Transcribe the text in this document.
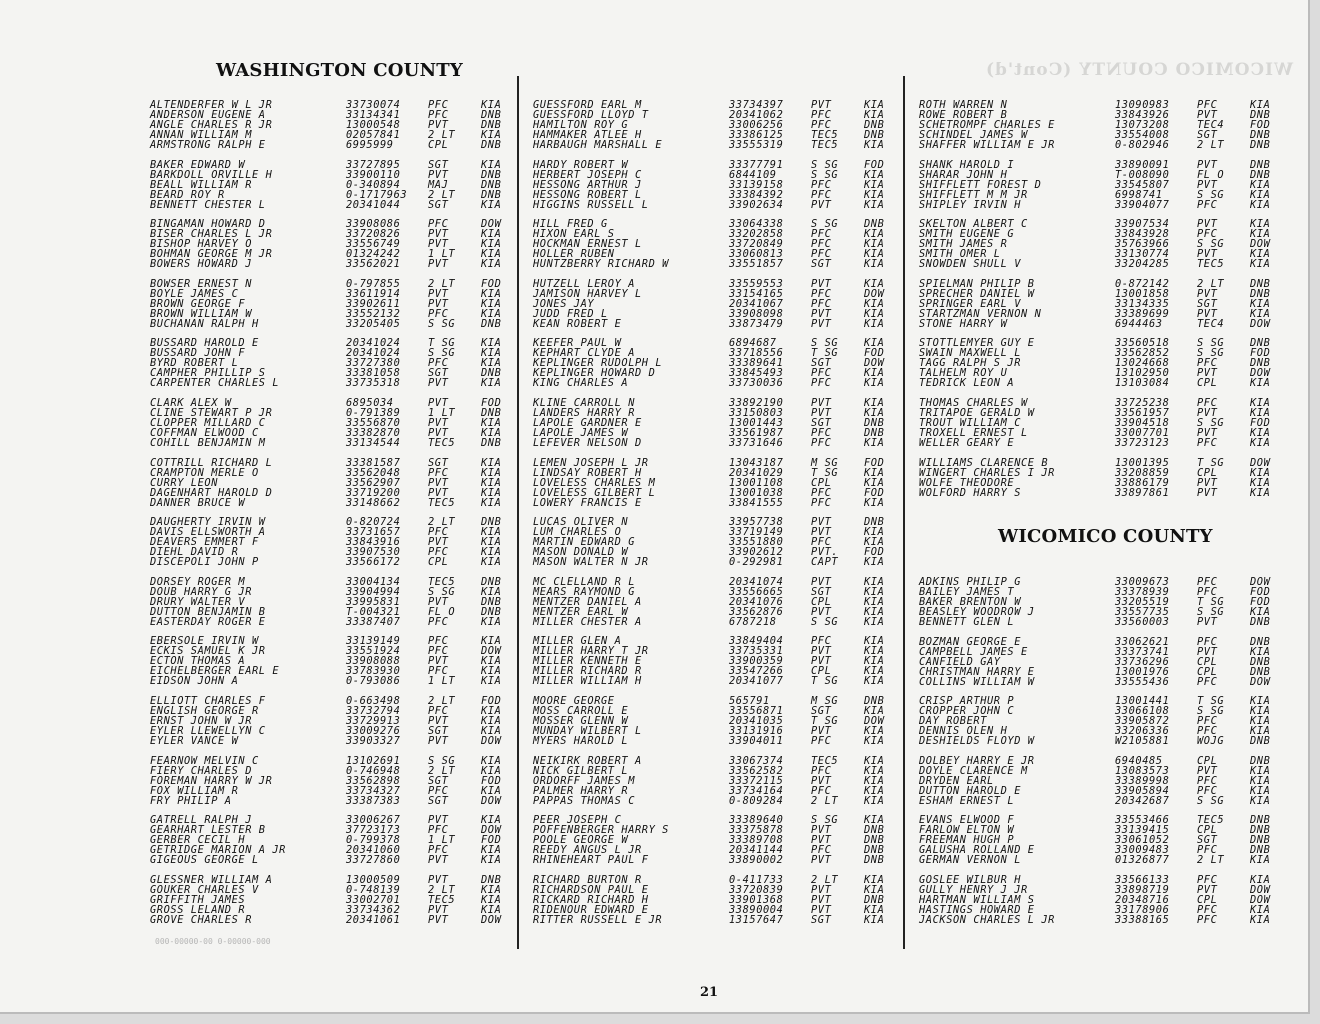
WICOMICO COUNTY (Cont'd)
WASHINGTON COUNTY
ALTENDERFER W L JR	33730074	PFC	KIA
ANDERSON EUGENE A	33134341	PFC	DNB
ANGLE CHARLES R JR	13000548	PVT	DNB
ANNAN WILLIAM M	02057841	2 LT	KIA
ARMSTRONG RALPH E	6995999	CPL	DNB
BAKER EDWARD W	33727895	SGT	KIA
BARKDOLL ORVILLE H	33900110	PVT	DNB
BEALL WILLIAM R	0-340894	MAJ	DNB
BEARD ROY R	0-1717963 2 LT	DNB
BENNETT CHESTER L	20341044	SGT	KIA
BINGAMAN HOWARD D	33908086	PFC	DOW
BISER CHARLES L JR	33720826	PVT	KIA
BISHOP HARVEY O	33556749	PVT	KIA
BOHMAN GEORGE M JR	01324242	1 LT	KIA
BOWERS HOWARD J	33562021	PVT	KIA
BOWSER ERNEST N	0-797855	2 LT	FOD
BOYLE JAMES C	33611914	PVT	KIA
BROWN GEORGE F	33902611	PVT	KIA
BROWN WILLIAM W	33552132	PFC	KIA
BUCHANAN RALPH H	33205405	S SG	DNB
BUSSARD HAROLD E	20341024	T SG	KIA
BUSSARD JOHN F	20341024	S SG	KIA
BYRD ROBERT L	33727380	PFC	KIA
CAMPHER PHILLIP S	33381058	SGT	DNB
CARPENTER CHARLES L	33735318	PVT	KIA
CLARK ALEX W	6895034	PVT	FOD
CLINE STEWART P JR	0-791389	1 LT	DNB
CLOPPER MILLARD C	33556870	PVT	KIA
COFFMAN ELWOOD C	33382870	PVT	KIA
COHILL BENJAMIN M	33134544	TEC5	DNB
COTTRILL RICHARD L	33381587	SGT	KIA
CRAMPTON MERLE O	33562048	PFC	KIA
CURRY LEON	33562907	PVT	KIA
DAGENHART HAROLD D	33719200	PVT	KIA
DANNER BRUCE W	33148662	TEC5	KIA
DAUGHERTY IRVIN W	0-820724	2 LT	DNB
DAVIS ELLSWORTH A	33731657	PFC	KIA
DEAVERS EMMERT F	33843916	PVT	KIA
DIEHL DAVID R	33907530	PFC	KIA
DISCEPOLI JOHN P	33566172	CPL	KIA
DORSEY ROGER M	33004134	TEC5	DNB
DOUB HARRY G JR	33904994	S SG	KIA
DRURY WALTER V	33995831	PVT	DNB
DUTTON BENJAMIN B	T-004321	FL O	DNB
EASTERDAY ROGER E	33387407	PFC	KIA
EBERSOLE IRVIN W	33139149	PFC	KIA
ECKIS SAMUEL K JR	33551924	PFC	DOW
ECTON THOMAS A	33908088	PVT	KIA
EICHELBERGER EARL E	33783930	PFC	KIA
EIDSON JOHN A	0-793086	1 LT	KIA
ELLIOTT CHARLES F	0-663498	2 LT	FOD
ENGLISH GEORGE R	33732794	PFC	KIA
ERNST JOHN W JR	33729913	PVT	KIA
EYLER LLEWELLYN C	33009276	SGT	KIA
EYLER VANCE W	33903327	PVT	DOW
FEARNOW MELVIN C	13102691	S SG	KIA
FIERY CHARLES D	0-746948	2 LT	KIA
FOREMAN HARRY W JR	33562898	SGT	FOD
FOX WILLIAM R	33734327	PFC	KIA
FRY PHILIP A	33387383	SGT	DOW
GATRELL RALPH J	33006267	PVT	KIA
GEARHART LESTER B	37723173	PFC	DOW
GERBER CECIL H	0-799378	1 LT	FOD
GETRIDGE MARION A JR	20341060	PFC	KIA
GIGEOUS GEORGE L	33727860	PVT	KIA
GLESSNER WILLIAM A	13000509	PVT	DNB
GOUKER CHARLES V	0-748139	2 LT	KIA
GRIFFITH JAMES	33002701	TEC5	KIA
GROSS LELAND R	33734362	PVT	KIA
GROVE CHARLES R	20341061	PVT	DOW
GUESSFORD EARL M	33734397	PVT	KIA
GUESSFORD LLOYD T	20341062	PFC	KIA
HAMILTON ROY G	33006256	PFC	DNB
HAMMAKER ATLEE H	33386125	TEC5	DNB
HARBAUGH MARSHALL E	33555319	TEC5	KIA
HARDY ROBERT W	33377791	S SG	FOD
HERBERT JOSEPH C	6844109	S SG	KIA
HESSONG ARTHUR J	33139158	PFC	KIA
HESSONG ROBERT L	33384392	PFC	KIA
HIGGINS RUSSELL L	33902634	PVT	KIA
HILL FRED G	33064338	S SG	DNB
HIXON EARL S	33202858	PFC	KIA
HOCKMAN ERNEST L	33720849	PFC	KIA
HOLLER RUBEN	33060813	PFC	KIA
HUNTZBERRY RICHARD W	33551857	SGT	KIA
HUTZELL LEROY A	33559553	PVT	KIA
JAMISON HARVEY L	33154165	PFC	DOW
JONES JAY	20341067	PFC	KIA
JUDD FRED L	33908098	PVT	KIA
KEAN ROBERT E	33873479	PVT	KIA
KEEFER PAUL W	6894687	S SG	KIA
KEPHART CLYDE A	33718556	T SG	FOD
KEPLINGER RUDOLPH L	33389641	SGT	DOW
KEPLINGER HOWARD D	33845493	PFC	KIA
KING CHARLES A	33730036	PFC	KIA
KLINE CARROLL N	33892190	PVT	KIA
LANDERS HARRY R	33150803	PVT	KIA
LAPOLE GARDNER E	13001443	SGT	DNB
LAPOLE JAMES W	33561987	PFC	DNB
LEFEVER NELSON D	33731646	PFC	KIA
LEMEN JOSEPH L JR	13043187	M SG	FOD
LINDSAY ROBERT H	20341029	T SG	KIA
LOVELESS CHARLES M	13001108	CPL	KIA
LOVELESS GILBERT L	13001038	PFC	FOD
LOWERY FRANCIS E	33841555	PFC	KIA
LUCAS OLIVER N	33957738	PVT	DNB
LUM CHARLES O	33719149	PVT	KIA
MARTIN EDWARD G	33551880	PFC	KIA
MASON DONALD W	33902612	PVT.	FOD
MASON WALTER N JR	0-292981	CAPT	KIA
MC CLELLAND R L	20341074	PVT	KIA
MEARS RAYMOND G	33556665	SGT	KIA
MENTZER DANIEL A	20341076	CPL	KIA
MENTZER EARL W	33562876	PVT	KIA
MILLER CHESTER A	6787218	S SG	KIA
MILLER GLEN A	33849404	PFC	KIA
MILLER HARRY T JR	33735331	PVT	KIA
MILLER KENNETH E	33900359	PVT	KIA
MILLER RICHARD R	33547266	CPL	KIA
MILLER WILLIAM H	20341077	T SG	KIA
MOORE GEORGE	565791	M SG	DNB
MOSS CARROLL E	33556871	SGT	KIA
MOSSER GLENN W	20341035	T SG	DOW
MUNDAY WILBERT L	33131916	PVT	KIA
MYERS HAROLD L	33904011	PFC	KIA
NEIKIRK ROBERT A	33067374	TEC5	KIA
NICK GILBERT L	33562582	PFC	KIA
ORDORFF JAMES M	33372115	PVT	KIA
PALMER HARRY R	33734164	PFC	KIA
PAPPAS THOMAS C	0-809284	2 LT	KIA
PEER JOSEPH C	33389640	S SG	KIA
POFFENBERGER HARRY S	33375878	PVT	DNB
POOLE GEORGE W	33389708	PVT	DNB
REEDY ANGUS L JR	20341144	PFC	DNB
RHINEHEART PAUL F	33890002	PVT	DNB
RICHARD BURTON R	0-411733	2 LT	KIA
RICHARDSON PAUL E	33720839	PVT	KIA
RICKARD RICHARD H	33901368	PVT	DNB
RIDENOUR EDWARD E	33890004	PVT	KIA
RITTER RUSSELL E JR	13157647	SGT	KIA
ROTH WARREN N	13090983	PFC	KIA
ROWE ROBERT B	33843926	PVT	DNB
SCHETROMPF CHARLES E	13073208	TEC4	FOD
SCHINDEL JAMES W	33554008	SGT	DNB
SHAFFER WILLIAM E JR	0-802946	2 LT	DNB
SHANK HAROLD I	33890091	PVT	DNB
SHARAR JOHN H	T-008090	FL O	DNB
SHIFFLETT FOREST D	33545807	PVT	KIA
SHIFFLETT M M JR	6998741	S SG	KIA
SHIPLEY IRVIN H	33904077	PFC	KIA
SKELTON ALBERT C	33907534	PVT	KIA
SMITH EUGENE G	33843928	PFC	KIA
SMITH JAMES R	35763966	S SG	DOW
SMITH OMER L	33130774	PVT	KIA
SNOWDEN SHULL V	33204285	TEC5	KIA
SPIELMAN PHILIP B	0-872142	2 LT	DNB
SPRECHER DANIEL W	13001858	PVT	DNB
SPRINGER EARL V	33134335	SGT	KIA
STARTZMAN VERNON N	33389699	PVT	KIA
STONE HARRY W	6944463	TEC4	DOW
STOTTLEMYER GUY E	33560518	S SG	DNB
SWAIN MAXWELL L	33562852	S SG	FOD
TAGG RALPH S JR	13024668	PFC	DNB
TALHELM ROY U	13102950	PVT	DOW
TEDRICK LEON A	13103084	CPL	KIA
THOMAS CHARLES W	33725238	PFC	KIA
TRITAPOE GERALD W	33561957	PVT	KIA
TROUT WILLIAM C	33904518	S SG	FOD
TROXELL ERNEST L	33007701	PVT	KIA
WELLER GEARY E	33723123	PFC	KIA
WILLIAMS CLARENCE B	13001395	T SG	DOW
WINGERT CHARLES I JR	33208859	CPL	KIA
WOLFE THEODORE	33886179	PVT	KIA
WOLFORD HARRY S	33897861	PVT	KIA
WICOMICO COUNTY
ADKINS PHILIP G	33009673	PFC	DOW
BAILEY JAMES T	33378939	PFC	FOD
BAKER BRENTON W	33205519	T SG	FOD
BEASLEY WOODROW J	33557735	S SG	KIA
BENNETT GLEN L	33560003	PVT	DNB
BOZMAN GEORGE E	33062621	PFC	DNB
CAMPBELL JAMES E	33373741	PVT	KIA
CANFIELD GAY	33736296	CPL	DNB
CHRISTMAN HARRY E	13001976	CPL	DNB
COLLINS WILLIAM W	33555436	PFC	DOW
CRISP ARTHUR P	13001441	T SG	KIA
CROPPER JOHN C	33066108	S SG	KIA
DAY ROBERT	33905872	PFC	KIA
DENNIS OLEN H	33206336	PFC	KIA
DESHIELDS FLOYD W	W2105881	WOJG	DNB
DOLBEY HARRY E JR	6940485	CPL	DNB
DOYLE CLARENCE M	13083573	PVT	KIA
DRYDEN EARL	33389998	PFC	KIA
DUTTON HAROLD E	33905894	PFC	KIA
ESHAM ERNEST L	20342687	S SG	KIA
EVANS ELWOOD F	33553466	TEC5	DNB
FARLOW ELTON W	33139415	CPL	DNB
FREEMAN HUGH P	33061052	SGT	DNB
GALUSHA ROLLAND E	33009483	PFC	DNB
GERMAN VERNON L	01326877	2 LT	KIA
GOSLEE WILBUR H	33566133	PFC	KIA
GULLY HENRY J JR	33898719	PVT	DOW
HARTMAN WILLIAM S	20348716	CPL	DOW
HASTINGS HOWARD E	33178906	PFC	KIA
JACKSON CHARLES L JR	33388165	PFC	KIA
000-00000-00 0-00000-000
21
